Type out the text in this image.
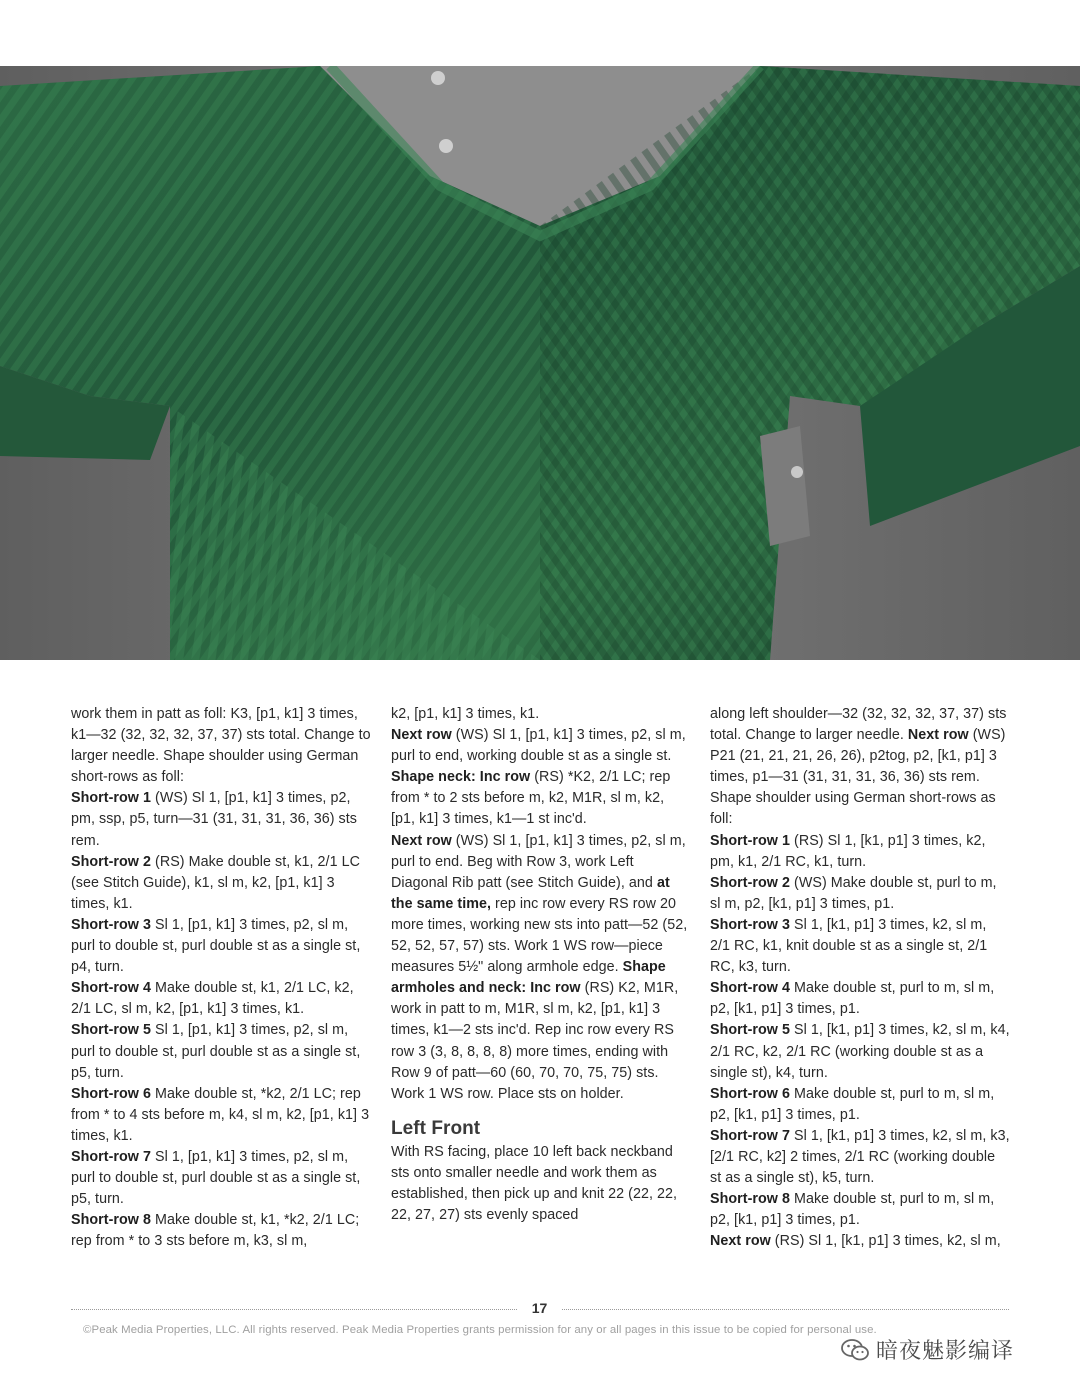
work them in patt as foll: K3, [p1, k1] 3 times, k1—32 (32, 32, 32, 37, 37) sts total. Change to larger needle. Shape shoulder using German short-rows as foll:

Short-row 1 (WS) Sl 1, [p1, k1] 3 times, p2, pm, ssp, p5, turn—31 (31, 31, 31, 36, 36) sts rem.

Short-row 2 (RS) Make double st, k1, 2/1 LC (see Stitch Guide), k1, sl m, k2, [p1, k1] 3 times, k1.

Short-row 3 Sl 1, [p1, k1] 3 times, p2, sl m, purl to double st, purl double st as a single st, p4, turn.

Short-row 4 Make double st, k1, 2/1 LC, k2, 2/1 LC, sl m, k2, [p1, k1] 3 times, k1.

Short-row 5 Sl 1, [p1, k1] 3 times, p2, sl m, purl to double st, purl double st as a single st, p5, turn.

Short-row 6 Make double st, *k2, 2/1 LC; rep from * to 4 sts before m, k4, sl m, k2, [p1, k1] 3 times, k1.

Short-row 7 Sl 1, [p1, k1] 3 times, p2, sl m, purl to double st, purl double st as a single st, p5, turn.

Short-row 8 Make double st, k1, *k2, 2/1 LC; rep from * to 3 sts before m, k3, sl m,

k2, [p1, k1] 3 times, k1.

Next row (WS) Sl 1, [p1, k1] 3 times, p2, sl m, purl to end, working double st as a single st. Shape neck: Inc row (RS) *K2, 2/1 LC; rep from * to 2 sts before m, k2, M1R, sl m, k2, [p1, k1] 3 times, k1—1 st inc'd.

Next row (WS) Sl 1, [p1, k1] 3 times, p2, sl m, purl to end. Beg with Row 3, work Left Diagonal Rib patt (see Stitch Guide), and at the same time, rep inc row every RS row 20 more times, working new sts into patt—52 (52, 52, 52, 57, 57) sts. Work 1 WS row—piece measures 5½" along armhole edge. Shape armholes and neck: Inc row (RS) K2, M1R, work in patt to m, M1R, sl m, k2, [p1, k1] 3 times, k1—2 sts inc'd. Rep inc row every RS row 3 (3, 8, 8, 8, 8) more times, ending with Row 9 of patt—60 (60, 70, 70, 75, 75) sts. Work 1 WS row. Place sts on holder.

Left Front

With RS facing, place 10 left back neckband sts onto smaller needle and work them as established, then pick up and knit 22 (22, 22, 22, 27, 27) sts evenly spaced

along left shoulder—32 (32, 32, 32, 37, 37) sts total. Change to larger needle. Next row (WS) P21 (21, 21, 21, 26, 26), p2tog, p2, [k1, p1] 3 times, p1—31 (31, 31, 31, 36, 36) sts rem. Shape shoulder using German short-rows as foll:

Short-row 1 (RS) Sl 1, [k1, p1] 3 times, k2, pm, k1, 2/1 RC, k1, turn.

Short-row 2 (WS) Make double st, purl to m, sl m, p2, [k1, p1] 3 times, p1.

Short-row 3 Sl 1, [k1, p1] 3 times, k2, sl m, 2/1 RC, k1, knit double st as a single st, 2/1 RC, k3, turn.

Short-row 4 Make double st, purl to m, sl m, p2, [k1, p1] 3 times, p1.

Short-row 5 Sl 1, [k1, p1] 3 times, k2, sl m, k4, 2/1 RC, k2, 2/1 RC (working double st as a single st), k4, turn.

Short-row 6 Make double st, purl to m, sl m, p2, [k1, p1] 3 times, p1.

Short-row 7 Sl 1, [k1, p1] 3 times, k2, sl m, k3, [2/1 RC, k2] 2 times, 2/1 RC (working double st as a single st), k5, turn.

Short-row 8 Make double st, purl to m, sl m, p2, [k1, p1] 3 times, p1.

Next row (RS) Sl 1, [k1, p1] 3 times, k2, sl m,

17
©Peak Media Properties, LLC. All rights reserved. Peak Media Properties grants permission for any or all pages in this issue to be copied for personal use.
暗夜魅影编译
